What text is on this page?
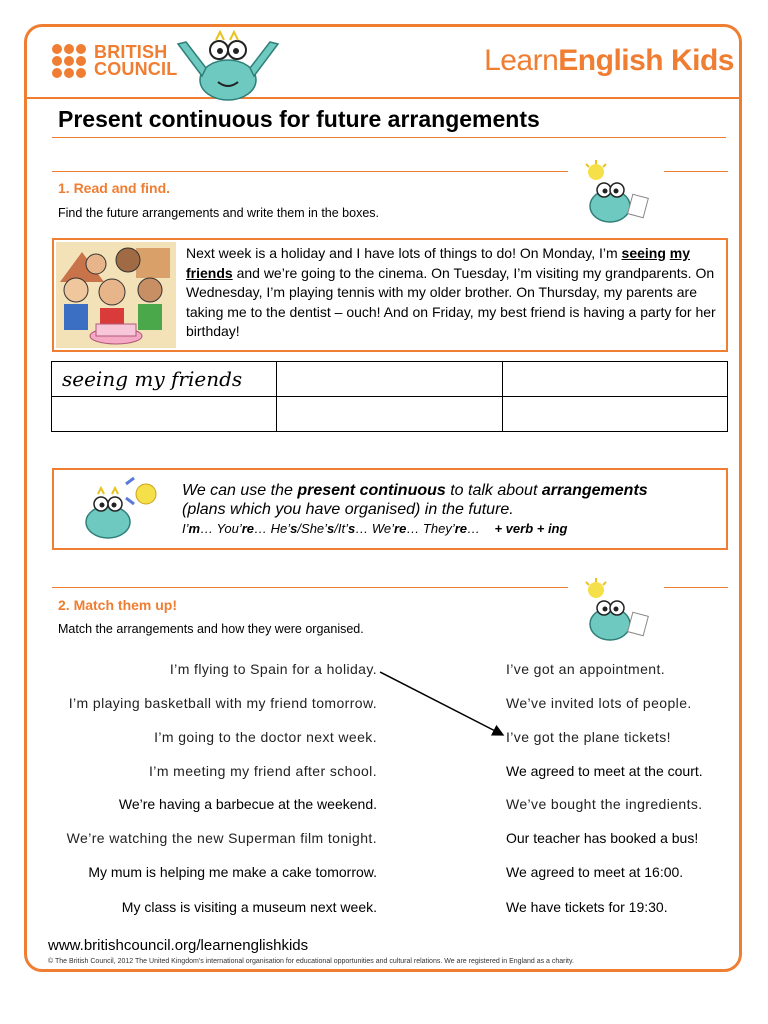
BRITISH
COUNCIL	LearnEnglish Kids
Present continuous for future arrangements
1. Read and find.
Find the future arrangements and write them in the boxes.
Next week is a holiday and I have lots of things to do! On Monday, I’m seeing my friends and we’re going to the cinema. On Tuesday, I’m visiting my grandparents. On Wednesday, I’m playing tennis with my older brother. On Thursday, my parents are taking me to the dentist – ouch! And on Friday, my best friend is having a party for her birthday!
seeing my friends		

We can use the present continuous to talk about arrangements
(plans which you have organised) in the future.
I’m… You’re… He’s/She’s/It’s… We’re… They’re… + verb + ing
2. Match them up!
Match the arrangements and how they were organised.
I’m flying to Spain for a holiday.
I’m playing basketball with my friend tomorrow.
I’m going to the doctor next week.
I’m meeting my friend after school.
We’re having a barbecue at the weekend.
We’re watching the new Superman film tonight.
My mum is helping me make a cake tomorrow.
My class is visiting a museum next week.
I’ve got an appointment.
We’ve invited lots of people.
I’ve got the plane tickets!
We agreed to meet at the court.
We’ve bought the ingredients.
Our teacher has booked a bus!
We agreed to meet at 16:00.
We have tickets for 19:30.
www.britishcouncil.org/learnenglishkids
© The British Council, 2012 The United Kingdom’s international organisation for educational opportunities and cultural relations. We are registered in England as a charity.
